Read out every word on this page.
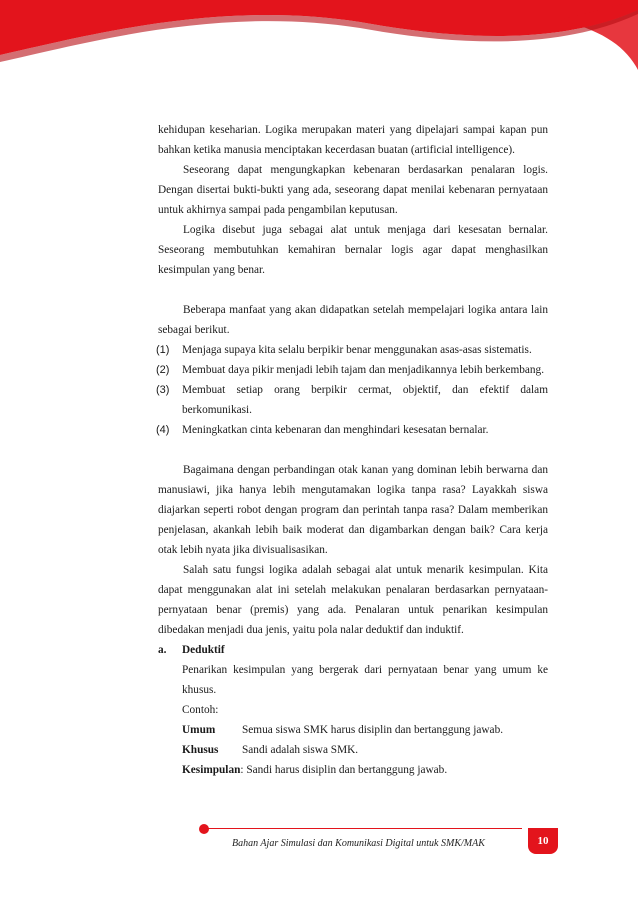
kehidupan keseharian. Logika merupakan materi yang dipelajari sampai kapan pun bahkan ketika manusia menciptakan kecerdasan buatan (artificial intelligence).

Seseorang dapat mengungkapkan kebenaran berdasarkan penalaran logis. Dengan disertai bukti-bukti yang ada, seseorang dapat menilai kebenaran pernyataan untuk akhirnya sampai pada pengambilan keputusan.

Logika disebut juga sebagai alat untuk menjaga dari kesesatan bernalar. Seseorang membutuhkan kemahiran bernalar logis agar dapat menghasilkan kesimpulan yang benar.

Beberapa manfaat yang akan didapatkan setelah mempelajari logika antara lain sebagai berikut.

(1) Menjaga supaya kita selalu berpikir benar menggunakan asas-asas sistematis.
(2) Membuat daya pikir menjadi lebih tajam dan menjadikannya lebih berkembang.
(3) Membuat setiap orang berpikir cermat, objektif, dan efektif dalam berkomunikasi.
(4) Meningkatkan cinta kebenaran dan menghindari kesesatan bernalar.

Bagaimana dengan perbandingan otak kanan yang dominan lebih berwarna dan manusiawi, jika hanya lebih mengutamakan logika tanpa rasa? Layakkah siswa diajarkan seperti robot dengan program dan perintah tanpa rasa? Dalam memberikan penjelasan, akankah lebih baik moderat dan digambarkan dengan baik? Cara kerja otak lebih nyata jika divisualisasikan.

Salah satu fungsi logika adalah sebagai alat untuk menarik kesimpulan. Kita dapat menggunakan alat ini setelah melakukan penalaran berdasarkan pernyataan-pernyataan benar (premis) yang ada. Penalaran untuk penarikan kesimpulan dibedakan menjadi dua jenis, yaitu pola nalar deduktif dan induktif.

a. Deduktif

Penarikan kesimpulan yang bergerak dari pernyataan benar yang umum ke khusus.

Contoh:

Umum	Semua siswa SMK harus disiplin dan bertanggung jawab.
Khusus	Sandi adalah siswa SMK.
Kesimpulan: Sandi harus disiplin dan bertanggung jawab.
Bahan Ajar Simulasi dan Komunikasi Digital untuk SMK/MAK	10
